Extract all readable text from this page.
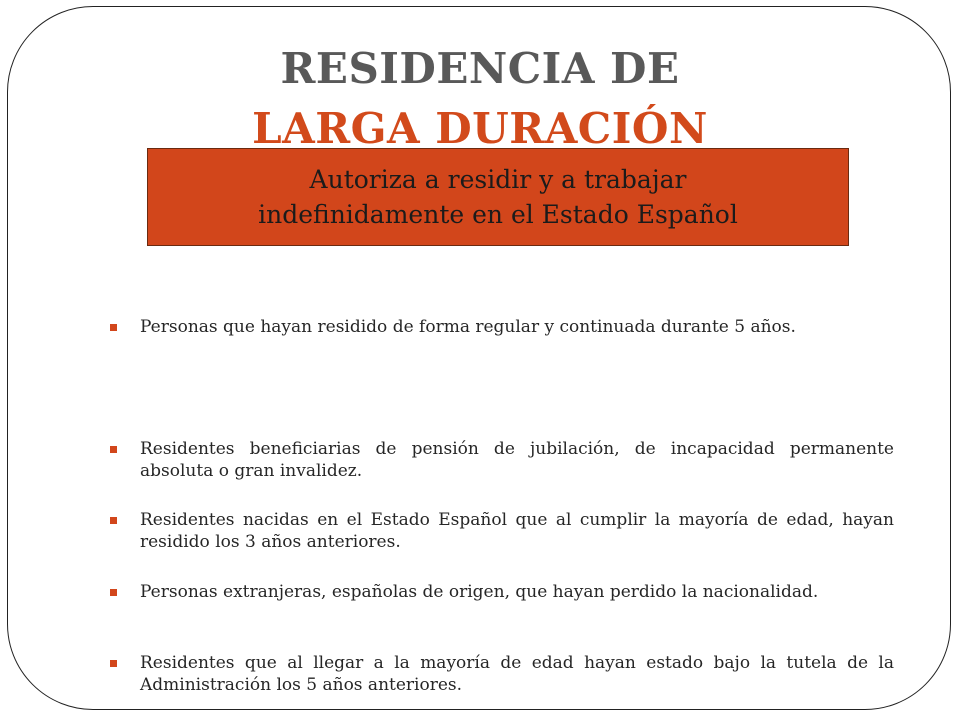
RESIDENCIA DE
LARGA DURACIÓN
Autoriza a residir y a trabajar
indefinidamente en el Estado Español
Personas que hayan residido de forma regular y continuada durante 5 años.
Residentes beneficiarias de pensión de jubilación, de incapacidad permanente absoluta o gran invalidez.
Residentes nacidas en el Estado Español que al cumplir la mayoría de edad, hayan residido los 3 años anteriores.
Personas extranjeras, españolas de origen, que hayan perdido la nacionalidad.
Residentes que al llegar a la mayoría de edad hayan estado bajo la tutela de la Administración los 5 años anteriores.
